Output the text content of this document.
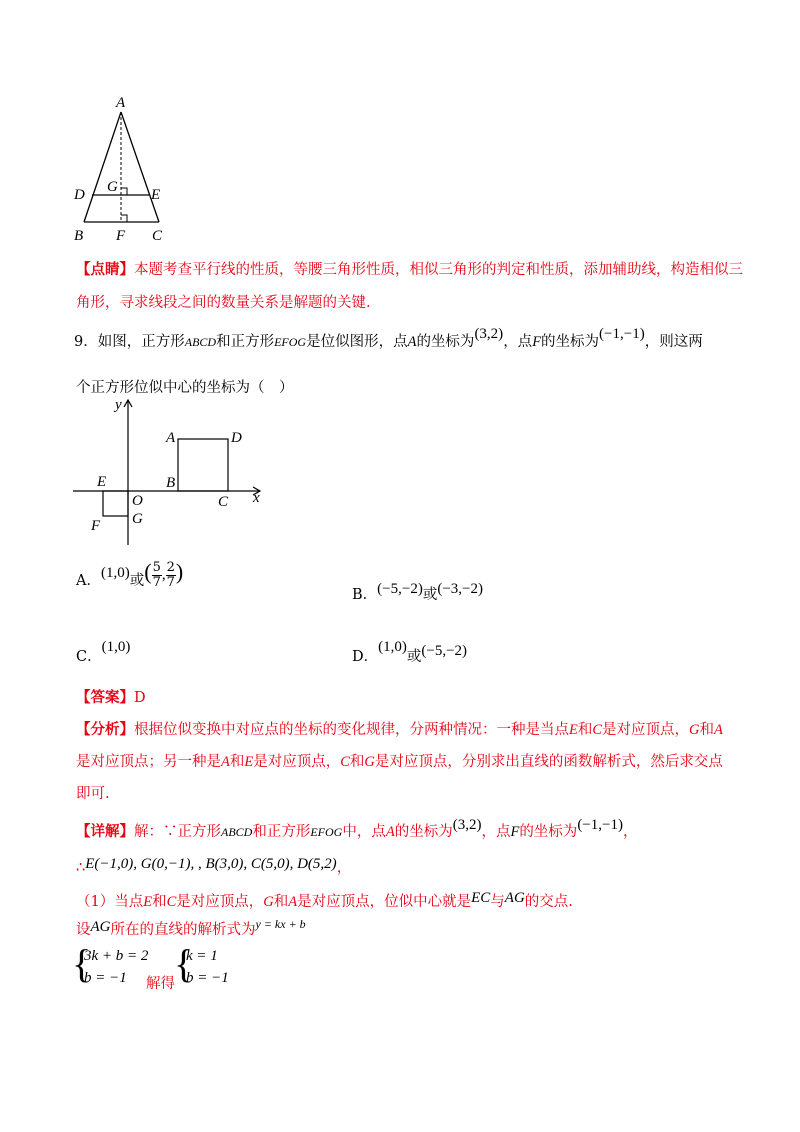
A
D G E
B F C
【点睛】本题考查平行线的性质，等腰三角形性质，相似三角形的判定和性质，添加辅助线，构造相似三
角形，寻求线段之间的数量关系是解题的关键.
9．如图，正方形ABCD和正方形EFOG是位似图形，点A的坐标为(3,2)，点F的坐标为(−1,−1)，则这两
个正方形位似中心的坐标为（　）
y
x
A	D
B
C
E
O
G
F
A．(1,0)或( $\frac{5}{7}$ , $\frac{2}{7}$ )
B．(−5,−2)或(−3,−2)
C．(1,0)
D．(1,0)或(−5,−2)
【答案】D
【分析】根据位似变换中对应点的坐标的变化规律，分两种情况：一种是当点E和C是对应顶点，G和A
是对应顶点；另一种是A和E是对应顶点，C和G是对应顶点，分别求出直线的函数解析式，然后求交点
即可.
【详解】解：∵正方形ABCD和正方形EFOG中，点A的坐标为(3,2)，点F的坐标为(−1,−1)，
∴E(−1,0), G(0,−1), , B(3,0), C(5,0), D(5,2)，
（1）当点E和C是对应顶点，G和A是对应顶点，位似中心就是EC与AG的交点.
设AG所在的直线的解析式为$^{y = kx + b}$
{
3k + b = 2
b = −1 解得 {
k = 1
b = −1
